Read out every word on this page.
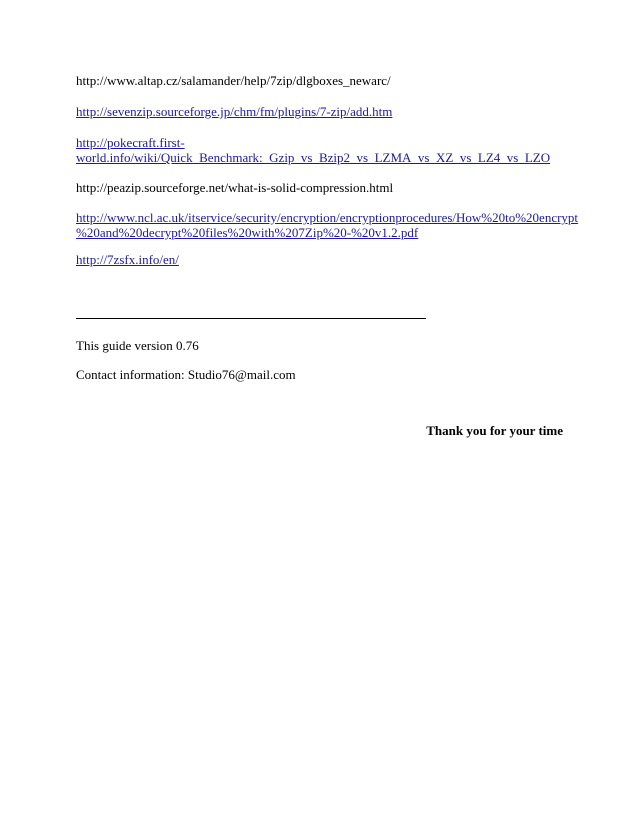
http://www.altap.cz/salamander/help/7zip/dlgboxes_newarc/
http://sevenzip.sourceforge.jp/chm/fm/plugins/7-zip/add.htm
http://pokecraft.first-
world.info/wiki/Quick_Benchmark:_Gzip_vs_Bzip2_vs_LZMA_vs_XZ_vs_LZ4_vs_LZO
http://peazip.sourceforge.net/what-is-solid-compression.html
http://www.ncl.ac.uk/itservice/security/encryption/encryptionprocedures/How%20to%20encrypt
%20and%20decrypt%20files%20with%207Zip%20-%20v1.2.pdf
http://7zsfx.info/en/
This guide version 0.76
Contact information: Studio76@mail.com
Thank you for your time
